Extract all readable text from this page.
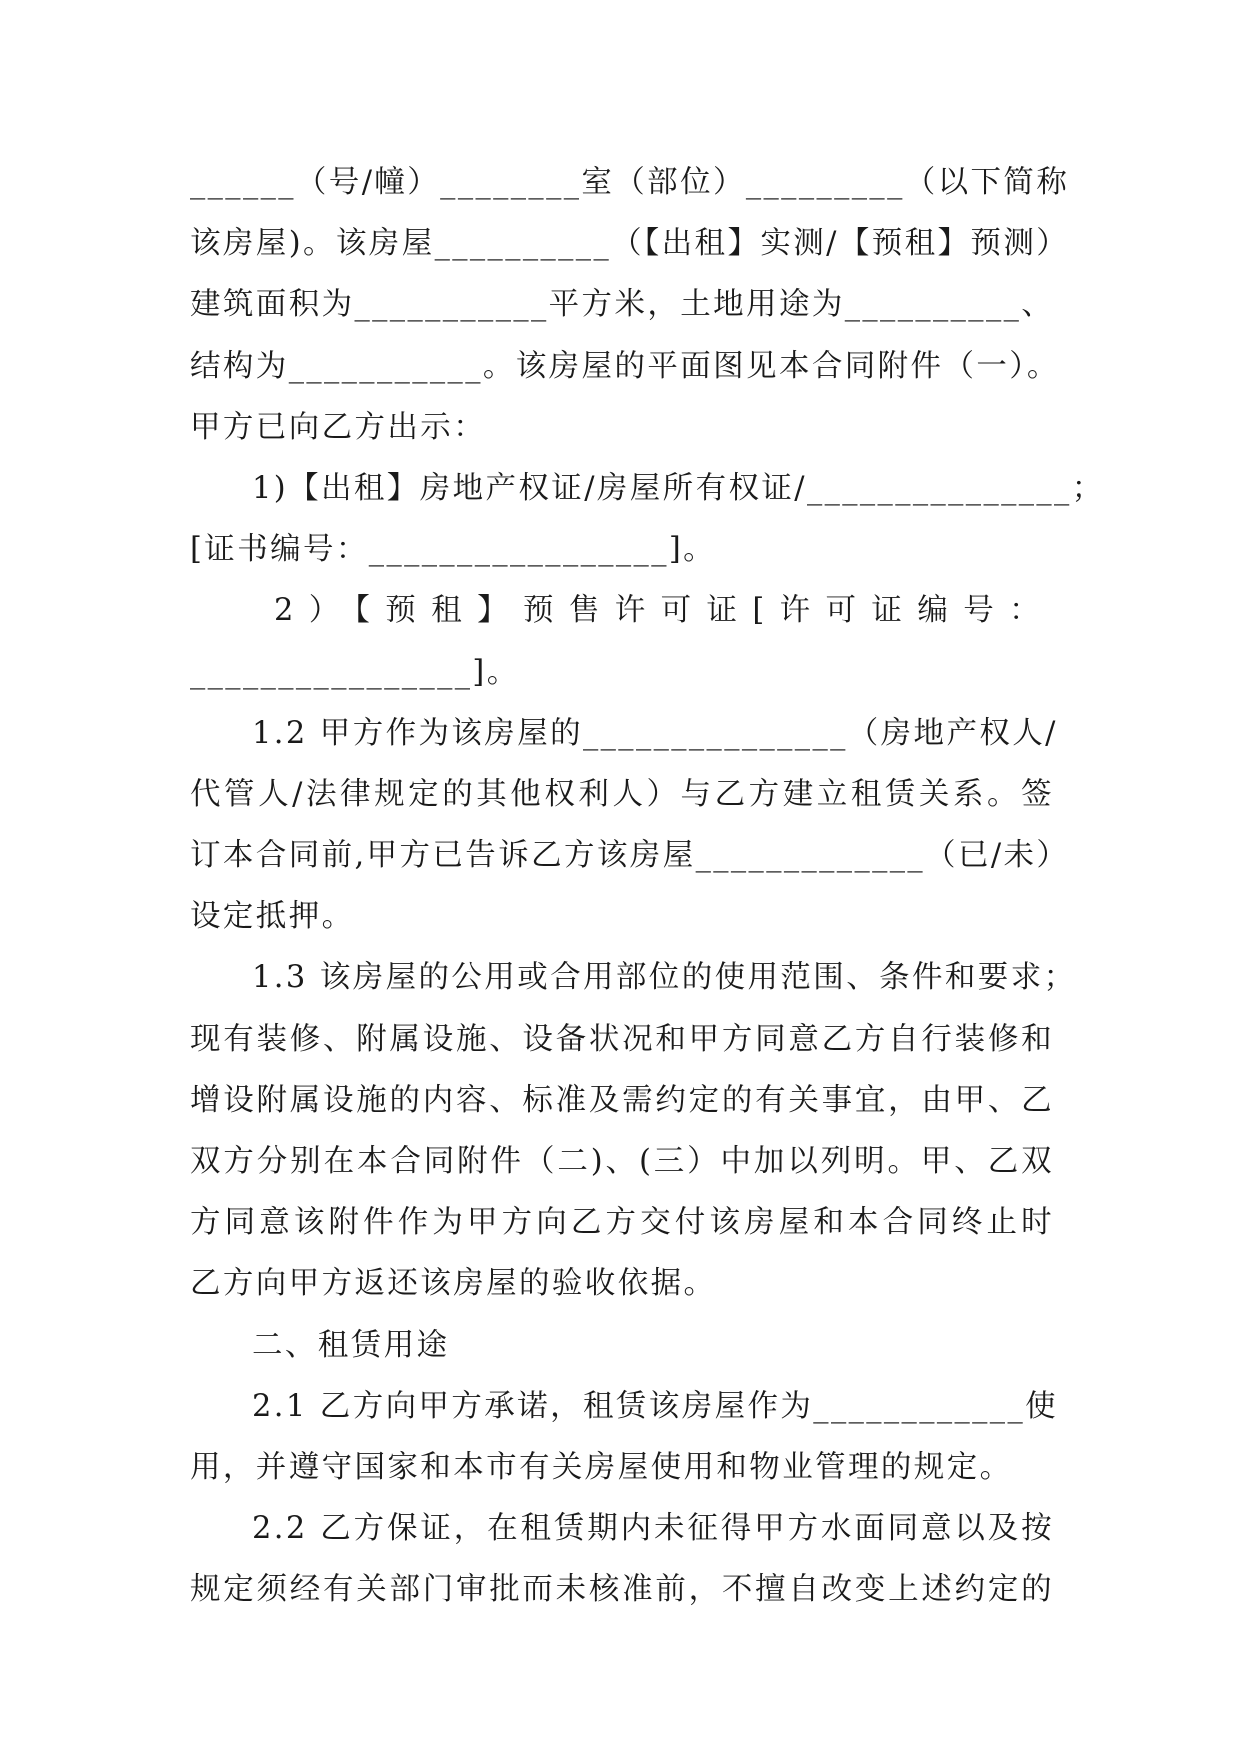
______（号/幢）________室（部位）_________（以下简称
该房屋)。该房屋__________（【出租】实测/【预租】预测）
建筑面积为___________平方米，土地用途为__________、
结构为___________。该房屋的平面图见本合同附件（一）。
甲方已向乙方出示：
1)【出租】房地产权证/房屋所有权证/_______________；
[证书编号：_________________]。
2）【预租】预售许可证[许可证编号：
________________]。
1.2 甲方作为该房屋的_______________（房地产权人/
代管人/法律规定的其他权利人）与乙方建立租赁关系。签
订本合同前,甲方已告诉乙方该房屋_____________（已/未）
设定抵押。
1.3 该房屋的公用或合用部位的使用范围、条件和要求；
现有装修、附属设施、设备状况和甲方同意乙方自行装修和
增设附属设施的内容、标准及需约定的有关事宜，由甲、乙
双方分别在本合同附件（二)、(三）中加以列明。甲、乙双
方同意该附件作为甲方向乙方交付该房屋和本合同终止时
乙方向甲方返还该房屋的验收依据。
二、租赁用途
2.1 乙方向甲方承诺，租赁该房屋作为____________使
用，并遵守国家和本市有关房屋使用和物业管理的规定。
2.2 乙方保证，在租赁期内未征得甲方水面同意以及按
规定须经有关部门审批而未核准前，不擅自改变上述约定的
